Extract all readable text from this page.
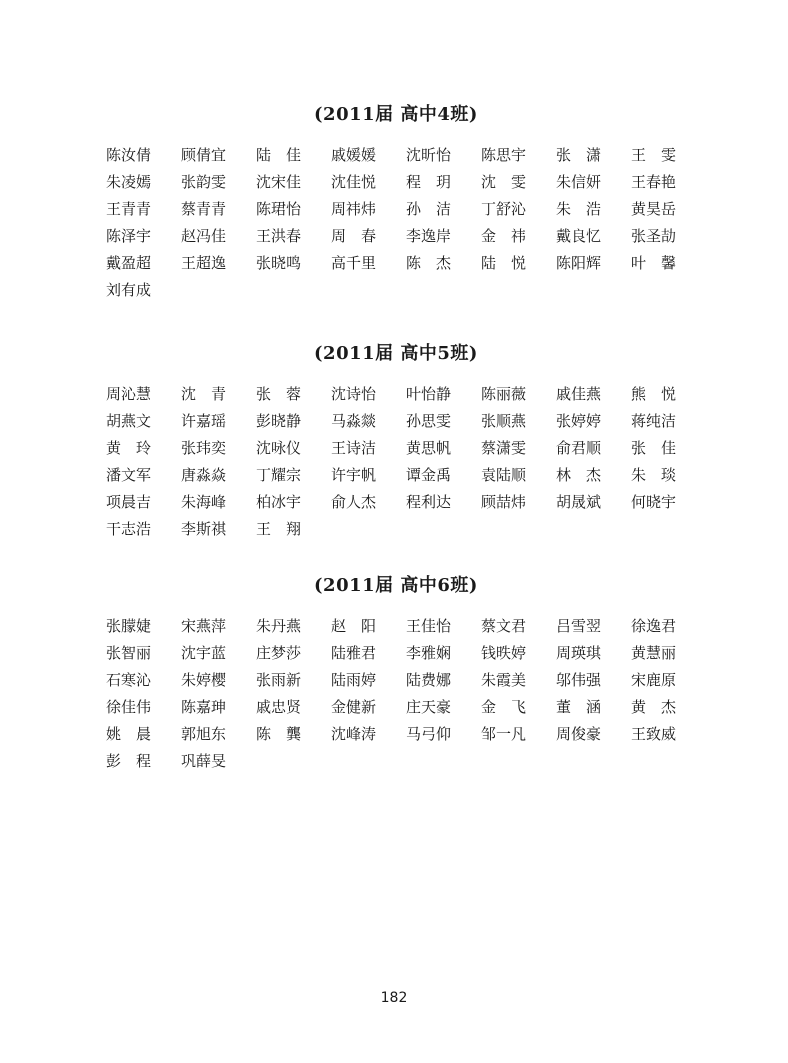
(2011届 高中4班)
陈汝倩	顾倩宜	陆　佳	戚媛媛	沈昕怡	陈思宇	张　潇	王　雯
朱凌嫣	张韵雯	沈宋佳	沈佳悦	程　玥	沈　雯	朱信妍	王春艳
王青青	蔡青青	陈珺怡	周祎炜	孙　洁	丁舒沁	朱　浩	黄昊岳
陈泽宇	赵冯佳	王洪春	周　春	李逸岸	金　祎	戴良忆	张圣劼
戴盈超	王超逸	张晓鸣	高千里	陈　杰	陆　悦	陈阳辉	叶　馨
刘有成
(2011届 高中5班)
周沁慧	沈　青	张　蓉	沈诗怡	叶怡静	陈丽薇	戚佳燕	熊　悦
胡燕文	许嘉瑶	彭晓静	马淼燚	孙思雯	张顺燕	张婷婷	蒋纯洁
黄　玲	张玮奕	沈咏仪	王诗洁	黄思帆	蔡潇雯	俞君顺	张　佳
潘文军	唐淼焱	丁耀宗	许宇帆	谭金禹	袁陆顺	林　杰	朱　琰
项晨吉	朱海峰	柏冰宇	俞人杰	程利达	顾喆炜	胡晟斌	何晓宇
干志浩	李斯祺	王　翔
(2011届 高中6班)
张朦婕	宋燕萍	朱丹燕	赵　阳	王佳怡	蔡文君	吕雪翌	徐逸君
张智丽	沈宇蓝	庄梦莎	陆雅君	李雅娴	钱昳婷	周瑛琪	黄慧丽
石寒沁	朱婷樱	张雨新	陆雨婷	陆费娜	朱霞美	邬伟强	宋鹿原
徐佳伟	陈嘉珅	戚忠贤	金健新	庄天豪	金　飞	董　涵	黄　杰
姚　晨	郭旭东	陈　龔	沈峰涛	马弓仰	邹一凡	周俊豪	王致威
彭　程	巩薛旻
182
